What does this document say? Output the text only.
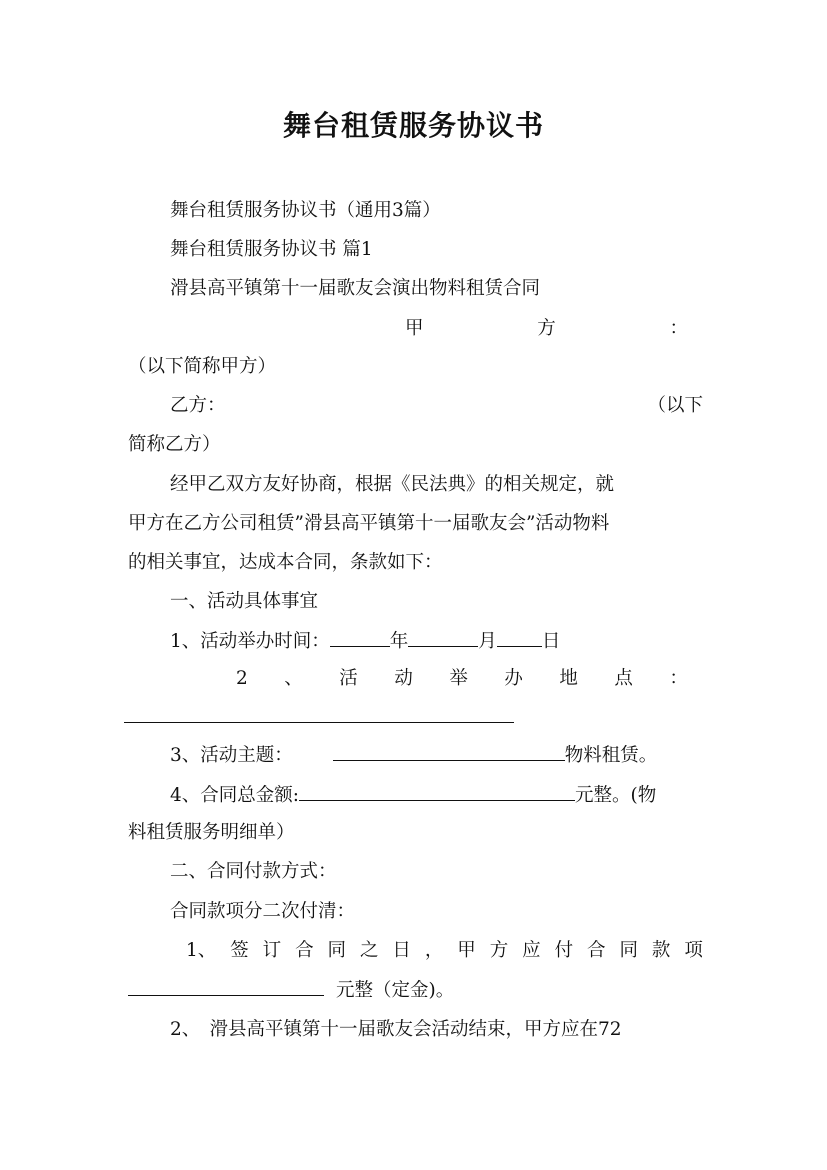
舞台租赁服务协议书
舞台租赁服务协议书（通用3篇）
舞台租赁服务协议书 篇1
滑县高平镇第十一届歌友会演出物料租赁合同
甲	方	：
（以下简称甲方）
乙方：	（以下
简称乙方）
经甲乙双方友好协商，根据《民法典》的相关规定，就
甲方在乙方公司租赁”滑县高平镇第十一届歌友会”活动物料
的相关事宜，达成本合同，条款如下：
一、活动具体事宜
1、活动举办时间：	年	月 日
2 、 活 动 举 办 地 点 ：
3、活动主题：	物料租赁。
4、合同总金额:	元整。(物
料租赁服务明细单）
二、合同付款方式：
合同款项分二次付清：
1、 签 订 合 同 之 日 ， 甲 方 应 付 合 同 款 项
元整（定金)。
2、　滑县高平镇第十一届歌友会活动结束，甲方应在72
